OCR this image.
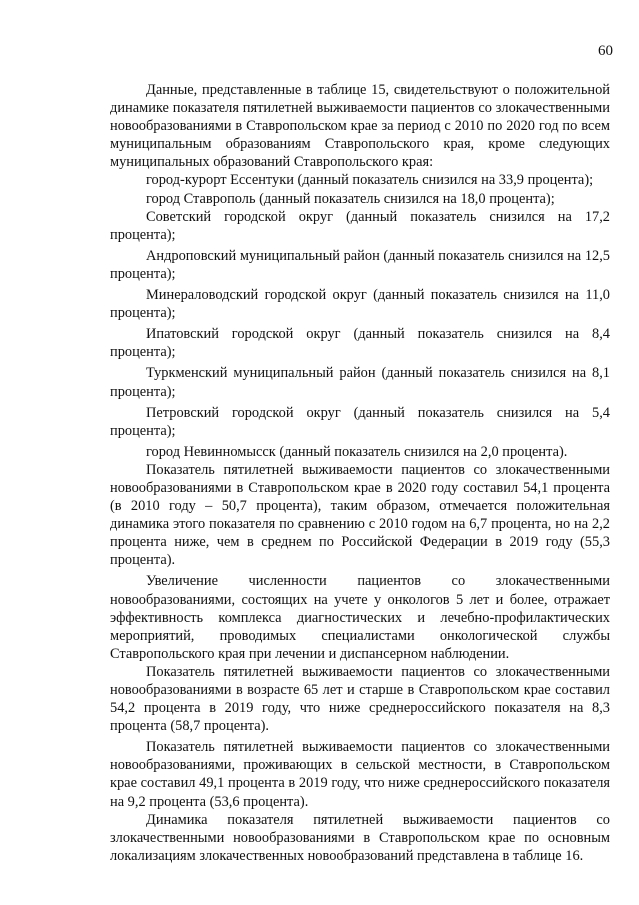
60

Данные, представленные в таблице 15, свидетельствуют о положительной динамике показателя пятилетней выживаемости пациентов со злокачественными новообразованиями в Ставропольском крае за период с 2010 по 2020 год по всем муниципальным образованиям Ставропольского края, кроме следующих муниципальных образований Ставропольского края:

город-курорт Ессентуки (данный показатель снизился на 33,9 процента);

город Ставрополь (данный показатель снизился на 18,0 процента);

Советский городской округ (данный показатель снизился на 17,2 процента);

Андроповский муниципальный район (данный показатель снизился на 12,5 процента);

Минераловодский городской округ (данный показатель снизился на 11,0 процента);

Ипатовский городской округ (данный показатель снизился на 8,4 процента);

Туркменский муниципальный район (данный показатель снизился на 8,1 процента);

Петровский городской округ (данный показатель снизился на 5,4 процента);

город Невинномысск (данный показатель снизился на 2,0 процента).

Показатель пятилетней выживаемости пациентов со злокачественными новообразованиями в Ставропольском крае в 2020 году составил 54,1 процента (в 2010 году – 50,7 процента), таким образом, отмечается положительная динамика этого показателя по сравнению с 2010 годом на 6,7 процента, но на 2,2 процента ниже, чем в среднем по Российской Федерации в 2019 году (55,3 процента).

Увеличение численности пациентов со злокачественными новообразованиями, состоящих на учете у онкологов 5 лет и более, отражает эффективность комплекса диагностических и лечебно-профилактических мероприятий, проводимых специалистами онкологической службы Ставропольского края при лечении и диспансерном наблюдении.

Показатель пятилетней выживаемости пациентов со злокачественными новообразованиями в возрасте 65 лет и старше в Ставропольском крае составил 54,2 процента в 2019 году, что ниже среднероссийского показателя на 8,3 процента (58,7 процента).

Показатель пятилетней выживаемости пациентов со злокачественными новообразованиями, проживающих в сельской местности, в Ставропольском крае составил 49,1 процента в 2019 году, что ниже среднероссийского показателя на 9,2 процента (53,6 процента).

Динамика показателя пятилетней выживаемости пациентов со злокачественными новообразованиями в Ставропольском крае по основным локализациям злокачественных новообразований представлена в таблице 16.
